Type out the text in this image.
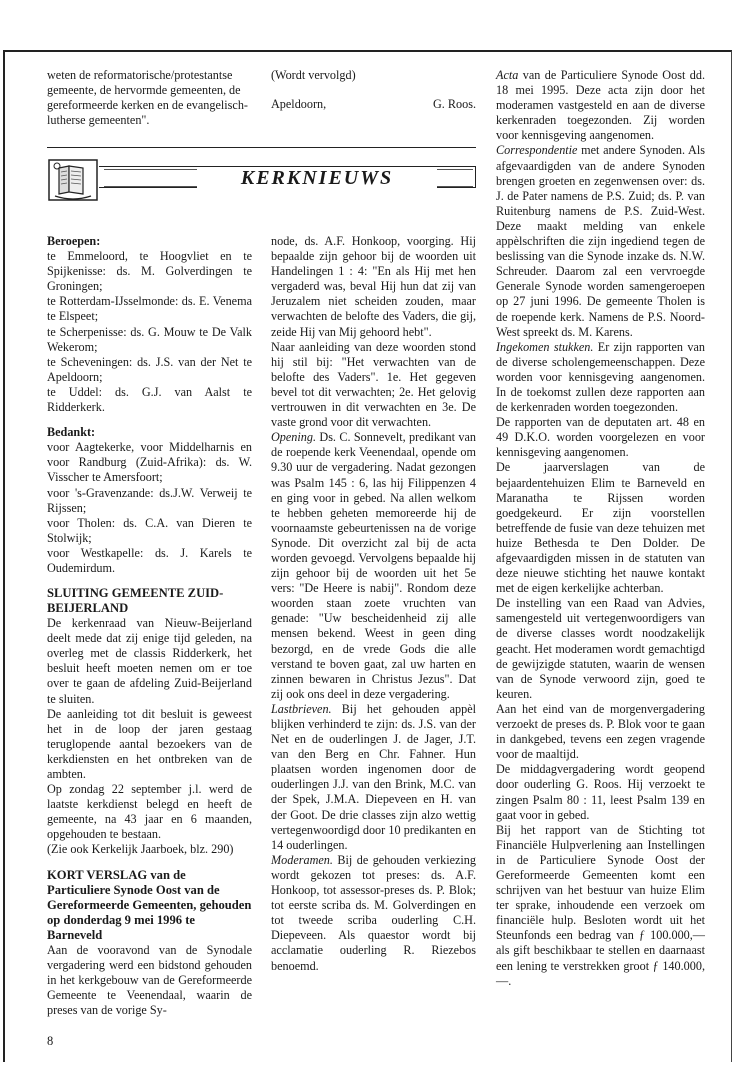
weten de reformatorische/protestantse gemeente, de hervormde gemeenten, de gereformeerde kerken en de evangelisch-lutherse gemeenten".

(Wordt vervolgd)

Apeldoorn,	G. Roos.
KERKNIEUWS

Beroepen:

te Emmeloord, te Hoogvliet en te Spijkenisse: ds. M. Golverdingen te Groningen;

te Rotterdam-IJsselmonde: ds. E. Venema te Elspeet;

te Scherpenisse: ds. G. Mouw te De Valk Wekerom;

te Scheveningen: ds. J.S. van der Net te Apeldoorn;

te Uddel: ds. G.J. van Aalst te Ridderkerk.

Bedankt:

voor Aagtekerke, voor Middelharnis en voor Randburg (Zuid-Afrika): ds. W. Visscher te Amersfoort;

voor 's-Gravenzande: ds.J.W. Verweij te Rijssen;

voor Tholen: ds. C.A. van Dieren te Stolwijk;

voor Westkapelle: ds. J. Karels te Oudemirdum.

SLUITING GEMEENTE ZUID-BEIJERLAND

De kerkenraad van Nieuw-Beijerland deelt mede dat zij enige tijd geleden, na overleg met de classis Ridderkerk, het besluit heeft moeten nemen om er toe over te gaan de afdeling Zuid-Beijerland te sluiten.

De aanleiding tot dit besluit is geweest het in de loop der jaren gestaag teruglopende aantal bezoekers van de kerkdiensten en het ontbreken van de ambten.

Op zondag 22 september j.l. werd de laatste kerkdienst belegd en heeft de gemeente, na 43 jaar en 6 maanden, opgehouden te bestaan.

(Zie ook Kerkelijk Jaarboek, blz. 290)

KORT VERSLAG van de Particuliere Synode Oost van de Gereformeerde Gemeenten, gehouden op donderdag 9 mei 1996 te Barneveld

Aan de vooravond van de Synodale vergadering werd een bidstond gehouden in het kerkgebouw van de Gereformeerde Gemeente te Veenendaal, waarin de preses van de vorige Sy-

node, ds. A.F. Honkoop, voorging. Hij bepaalde zijn gehoor bij de woorden uit Handelingen 1 : 4: "En als Hij met hen vergaderd was, beval Hij hun dat zij van Jeruzalem niet scheiden zouden, maar verwachten de belofte des Vaders, die gij, zeide Hij van Mij gehoord hebt".

Naar aanleiding van deze woorden stond hij stil bij: "Het verwachten van de belofte des Vaders". 1e. Het gegeven bevel tot dit verwachten; 2e. Het gelovig vertrouwen in dit verwachten en 3e. De vaste grond voor dit verwachten.

Opening. Ds. C. Sonnevelt, predikant van de roepende kerk Veenendaal, opende om 9.30 uur de vergadering. Nadat gezongen was Psalm 145 : 6, las hij Filippenzen 4 en ging voor in gebed. Na allen welkom te hebben geheten memoreerde hij de voornaamste gebeurtenissen na de vorige Synode. Dit overzicht zal bij de acta worden gevoegd. Vervolgens bepaalde hij zijn gehoor bij de woorden uit het 5e vers: "De Heere is nabij". Rondom deze woorden staan zoete vruchten van genade: "Uw bescheidenheid zij alle mensen bekend. Weest in geen ding bezorgd, en de vrede Gods die alle verstand te boven gaat, zal uw harten en zinnen bewaren in Christus Jezus". Dat zij ook ons deel in deze vergadering.

Lastbrieven. Bij het gehouden appèl blijken verhinderd te zijn: ds. J.S. van der Net en de ouderlingen J. de Jager, J.T. van den Berg en Chr. Fahner. Hun plaatsen worden ingenomen door de ouderlingen J.J. van den Brink, M.C. van der Spek, J.M.A. Diepeveen en H. van der Goot. De drie classes zijn alzo wettig vertegenwoordigd door 10 predikanten en 14 ouderlingen.

Moderamen. Bij de gehouden verkiezing wordt gekozen tot preses: ds. A.F. Honkoop, tot assessor-preses ds. P. Blok; tot eerste scriba ds. M. Golverdingen en tot tweede scriba ouderling C.H. Diepeveen. Als quaestor wordt bij acclamatie ouderling R. Riezebos benoemd.

Acta van de Particuliere Synode Oost dd. 18 mei 1995. Deze acta zijn door het moderamen vastgesteld en aan de diverse kerkenraden toegezonden. Zij worden voor kennisgeving aangenomen.

Correspondentie met andere Synoden. Als afgevaardigden van de andere Synoden brengen groeten en zegenwensen over: ds. J. de Pater namens de P.S. Zuid; ds. P. van Ruitenburg namens de P.S. Zuid-West. Deze maakt melding van enkele appèlschriften die zijn ingediend tegen de beslissing van die Synode inzake ds. N.W. Schreuder. Daarom zal een vervroegde Generale Synode worden samengeroepen op 27 juni 1996. De gemeente Tholen is de roepende kerk. Namens de P.S. Noord-West spreekt ds. M. Karens.

Ingekomen stukken. Er zijn rapporten van de diverse scholengemeenschappen. Deze worden voor kennisgeving aangenomen. In de toekomst zullen deze rapporten aan de kerkenraden worden toegezonden.

De rapporten van de deputaten art. 48 en 49 D.K.O. worden voorgelezen en voor kennisgeving aangenomen.

De jaarverslagen van de bejaardentehuizen Elim te Barneveld en Maranatha te Rijssen worden goedgekeurd. Er zijn voorstellen betreffende de fusie van deze tehuizen met huize Bethesda te Den Dolder. De afgevaardigden missen in de statuten van deze nieuwe stichting het nauwe kontakt met de eigen kerkelijke achterban.

De instelling van een Raad van Advies, samengesteld uit vertegenwoordigers van de diverse classes wordt noodzakelijk geacht. Het moderamen wordt gemachtigd de gewijzigde statuten, waarin de wensen van de Synode verwoord zijn, goed te keuren.

Aan het eind van de morgenvergadering verzoekt de preses ds. P. Blok voor te gaan in dankgebed, tevens een zegen vragende voor de maaltijd.

De middagvergadering wordt geopend door ouderling G. Roos. Hij verzoekt te zingen Psalm 80 : 11, leest Psalm 139 en gaat voor in gebed.

Bij het rapport van de Stichting tot Financiële Hulpverlening aan Instellingen in de Particuliere Synode Oost der Gereformeerde Gemeenten komt een schrijven van het bestuur van huize Elim ter sprake, inhoudende een verzoek om financiële hulp. Besloten wordt uit het Steunfonds een bedrag van ƒ 100.000,— als gift beschikbaar te stellen en daarnaast een lening te verstrekken groot ƒ 140.000,—.

8
